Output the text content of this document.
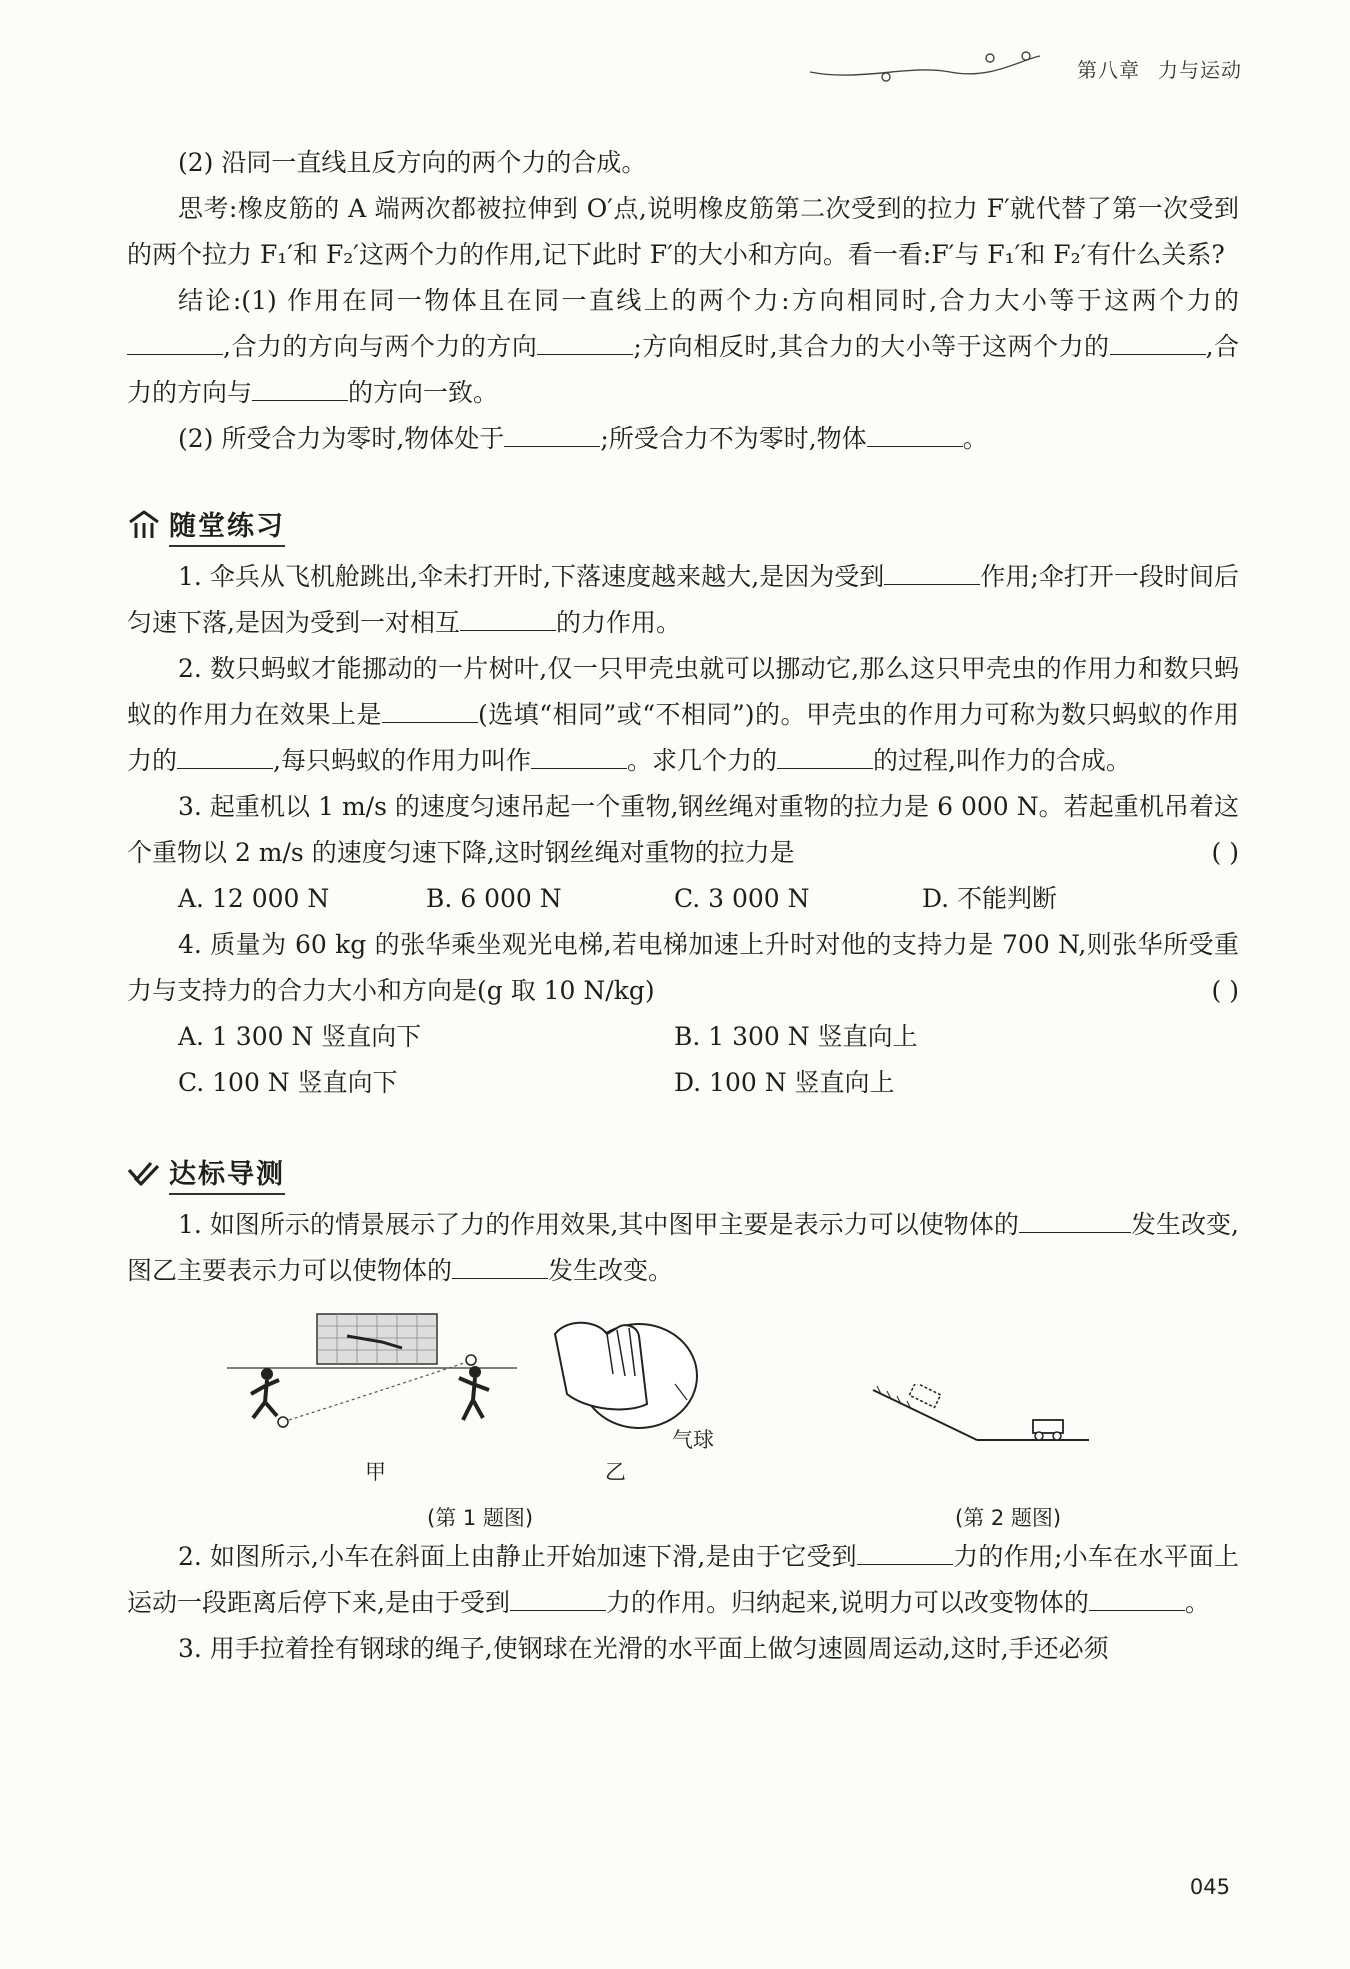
第八章 力与运动

(2) 沿同一直线且反方向的两个力的合成。

思考:橡皮筋的 A 端两次都被拉伸到 O′点,说明橡皮筋第二次受到的拉力 F′就代替了第一次受到的两个拉力 F₁′和 F₂′这两个力的作用,记下此时 F′的大小和方向。看一看:F′与 F₁′和 F₂′有什么关系?

结论:(1) 作用在同一物体且在同一直线上的两个力:方向相同时,合力大小等于这两个力的,合力的方向与两个力的方向	;方向相反时,其合力的大小等于这两个力的	,合力的方向与	的方向一致。

(2) 所受合力为零时,物体处于	;所受合力不为零时,物体	。

随堂练习

1. 伞兵从飞机舱跳出,伞未打开时,下落速度越来越大,是因为受到	作用;伞打开一段时间后匀速下落,是因为受到一对相互	的力作用。

2. 数只蚂蚁才能挪动的一片树叶,仅一只甲壳虫就可以挪动它,那么这只甲壳虫的作用力和数只蚂蚁的作用力在效果上是	(选填“相同”或“不相同”)的。甲壳虫的作用力可称为数只蚂蚁的作用力的	,每只蚂蚁的作用力叫作	。求几个力的	的过程,叫作力的合成。

3. 起重机以 1 m/s 的速度匀速吊起一个重物,钢丝绳对重物的拉力是 6 000 N。若起重机吊着这个重物以 2 m/s 的速度匀速下降,这时钢丝绳对重物的拉力是	( )

A. 12 000 N	B. 6 000 N	C. 3 000 N	D. 不能判断

4. 质量为 60 kg 的张华乘坐观光电梯,若电梯加速上升时对他的支持力是 700 N,则张华所受重力与支持力的合力大小和方向是(g 取 10 N/kg)	( )

A. 1 300 N 竖直向下	B. 1 300 N 竖直向上
C. 100 N 竖直向下	D. 100 N 竖直向上
达标导测

1. 如图所示的情景展示了力的作用效果,其中图甲主要是表示力可以使物体的	发生改变,图乙主要表示力可以使物体的	发生改变。

甲
气球
乙
(第 1 题图)	(第 2 题图)

2. 如图所示,小车在斜面上由静止开始加速下滑,是由于它受到	力的作用;小车在水平面上运动一段距离后停下来,是由于受到	力的作用。归纳起来,说明力可以改变物体的	。

3. 用手拉着拴有钢球的绳子,使钢球在光滑的水平面上做匀速圆周运动,这时,手还必须

045
